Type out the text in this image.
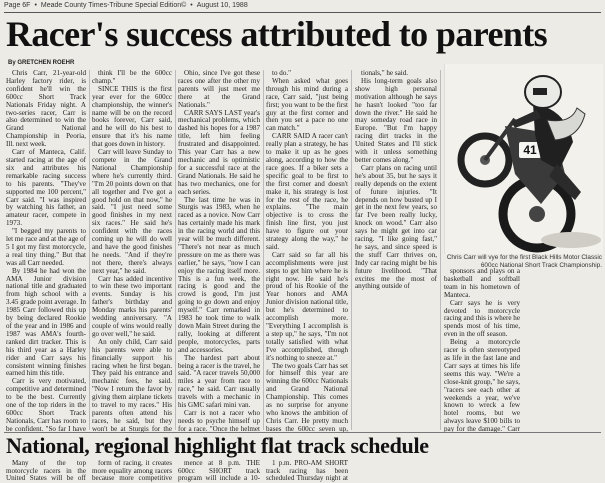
Page 6F • Meade County Times-Tribune Special Edition© • August 10, 1988
Racer's success attributed to parents
By GRETCHEN ROEHR

Chris Carr, 21-year-old Harley factory rider, is confident he'll win the 600cc Short Track Nationals Friday night. A two-series racer, Carr is also determined to win the Grand National Championship in Peoria, Ill. next week.

Carr of Manteca, Calif. started racing at the age of six and attributes his remarkable racing success to his parents. "They've supported me 100 percent," Carr said. "I was inspired by watching his father, an amateur racer, compete in 1973.

"I begged my parents to let me race and at the age of 5 I got my first motorcycle, a real tiny thing." But that was all Carr needed.

By 1984 he had won the AMA Junior division national title and graduated from high school with a 3.45 grade point average. In 1985 Carr followed this up by being declared Rookie of the year and in 1986 and 1987 was AMA's fourth-ranked dirt tracker. This is his third year as a Harley rider and Carr says his consistent winning finishes earned him this title.

Carr is very motivated, competitive and determined to be the best. Currently one of the top riders in the 600cc Short Track Nationals, Carr has room to be confident. "So far I have

think I'll be the 600cc champ."

SINCE THIS is the first year ever for the 600cc championship, the winner's name will be on the record books forever, Carr said, and he will do his best to ensure that it's his name that goes down in history.

Carr will leave Sunday to compete in the Grand National Championship where he's currently third. "I'm 20 points down on that all together and I've got a good hold on that now," he said. "I just need some good finishes in my next six races." He said he's confident with the races coming up he will do well and have the good finishes he needs. "And if they're not there, there's always next year," he said.

Carr has added incentive to win these two important events. Sunday is his father's birthday and Monday marks his parents' wedding anniversary. "A couple of wins would really go over well," he said.

An only child, Carr said his parents were able to financially support his racing when he first began. They paid his entrance and mechanic fees, he said. "Now I return the favor by giving them airplane tickets to travel to my races." His parents often attend his races, he said, but they won't be at Sturgis for the

Ohio, since I've got these races one after the other my parents will just meet me there at the Grand Nationals."

CARR SAYS LAST year's mechanical problems, which dashed his hopes for a 1987 title, left him feeling frustrated and disappointed. This year Carr has a new mechanic and is optimistic for a successful race at the Grand Nationals. He said he has two mechanics, one for each series.

The last time he was in Sturgis was 1983, when he raced as a novice. Now Carr has certainly made his mark in the racing world and this year will be much different. "There's not near as much pressure on me as there was earlier," he says, "now I can enjoy the racing itself more. This is a fun week, the racing is good and the crowd is good, I'm just going to go down and enjoy myself." Carr remarked in 1983 he took time to walk down Main Street during the rally, looking at different people, motorcycles, parts and accessories.

The hardest part about being a racer is the travel, he said. "A racer travels 50,000 miles a year from race to race," he said. Carr usually travels with a mechanic in his GMC safari mini van.

Carr is not a racer who needs to psyche himself up for a race. "Once the helmet

to do."

When asked what goes through his mind during a race, Carr said, "just being first; you want to be the first guy at the first corner and then you set a pace no one can match."

CARR SAID A racer can't really plan a strategy, he has to make it up as he goes along, according to how the race goes. If a biker sets a specific goal to be first to the first corner and doesn't make it, his strategy is lost for the rest of the race, he explains. "The main objective is to cross the finish line first, you just have to figure out your strategy along the way," he said.

Carr said so far all his accomplishments were just steps to get him where he is right now. He said he's proud of his Rookie of the Year honors and AMA Junior division national title, but he's determined to accomplish more. "Everything I accomplish is a step up," he says, "I'm not totally satisfied with what I've accomplished, though it's nothing to sneeze at."

The two goals Carr has set for himself this year are winning the 600cc Nationals and Grand National Championship. This comes as no surprise for anyone who knows the ambition of Chris Carr. He pretty much bases the 600cc seven up,

tionals," he said.

His long-term goals also show high personal motivation although he says he hasn't looked "too far down the river." He said he may someday road race in Europe. "But I'm happy racing dirt tracks in the United States and I'll stick with it unless something better comes along."

Carr plans on racing until he's about 35, but he says it really depends on the extent of future injuries. "It depends on how busted up I get in the next few years, so far I've been really lucky, knock on wood." Carr also says he might get into car racing. "I like going fast," he says, and since speed is the stuff Carr thrives on, Indy car racing might be his future livelihood. "That excites me the most of anything outside of

sponsors and plays on a basketball and softball team in his hometown of Manteca.

Carr says he is very devoted to motorcycle racing and this is where he spends most of his time, even in the off season.

Being a motorcycle racer is often stereotyped as life in the fast lane and Carr says at times his life seems this way. "We're a close-knit group," he says, "racers see each other at weekends a year, we've known to wreck a few hotel rooms, but we always leave $100 bills to pay for the damage." Carr

41
Chris Carr will vye for the first Black Hills Motor Classic 600cc National Short Track Championship.
National, regional highlight flat track schedule

Many of the top motorcycle racers in the United States will be off

form of racing, it creates more equality among racers because more competitive

mence at 8 p.m. THE 600cc SHORT track program will include a 10-

1 p.m. PRO-AM SHORT track racing has been scheduled Thursday night at
